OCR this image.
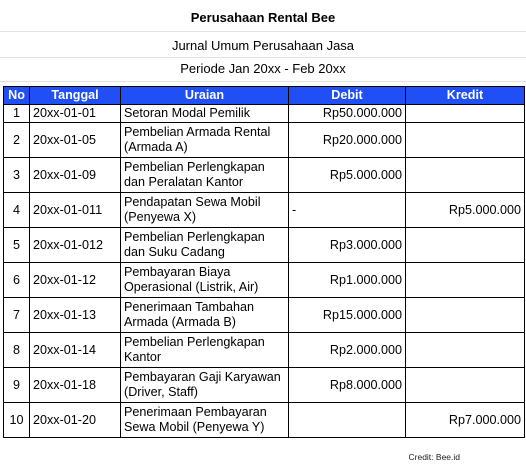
Perusahaan Rental Bee
Jurnal Umum Perusahaan Jasa
Periode Jan 20xx - Feb 20xx
No	Tanggal	Uraian	Debit	Kredit
1	20xx-01-01	Setoran Modal Pemilik	Rp50.000.000	
2	20xx-01-05	Pembelian Armada Rental (Armada A)	Rp20.000.000	
3	20xx-01-09	Pembelian Perlengkapan dan Peralatan Kantor	Rp5.000.000	
4	20xx-01-011	Pendapatan Sewa Mobil (Penyewa X)	-	Rp5.000.000
5	20xx-01-012	Pembelian Perlengkapan dan Suku Cadang	Rp3.000.000	
6	20xx-01-12	Pembayaran Biaya Operasional (Listrik, Air)	Rp1.000.000	
7	20xx-01-13	Penerimaan Tambahan Armada (Armada B)	Rp15.000.000	
8	20xx-01-14	Pembelian Perlengkapan Kantor	Rp2.000.000	
9	20xx-01-18	Pembayaran Gaji Karyawan (Driver, Staff)	Rp8.000.000	
10	20xx-01-20	Penerimaan Pembayaran Sewa Mobil (Penyewa Y)		Rp7.000.000
Credit: Bee.id
